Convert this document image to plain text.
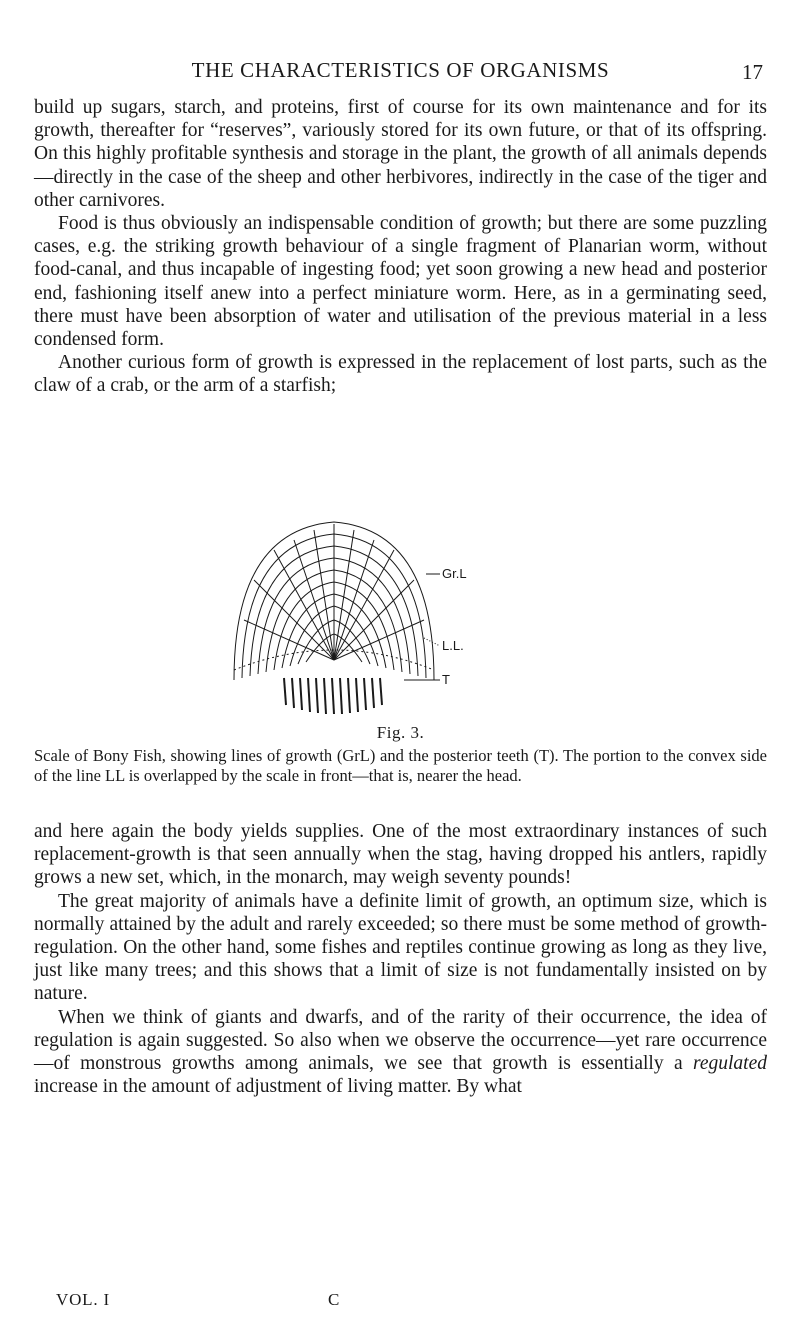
THE CHARACTERISTICS OF ORGANISMS	17

build up sugars, starch, and proteins, first of course for its own maintenance and for its growth, thereafter for “reserves”, variously stored for its own future, or that of its offspring. On this highly profitable synthesis and storage in the plant, the growth of all animals depends—directly in the case of the sheep and other herbivores, indirectly in the case of the tiger and other carnivores.

Food is thus obviously an indispensable condition of growth; but there are some puzzling cases, e.g. the striking growth behaviour of a single fragment of Planarian worm, without food-canal, and thus incapable of ingesting food; yet soon growing a new head and posterior end, fashioning itself anew into a perfect miniature worm. Here, as in a germinating seed, there must have been absorption of water and utilisation of the previous material in a less condensed form.

Another curious form of growth is expressed in the replacement of lost parts, such as the claw of a crab, or the arm of a starfish;

Gr.L
L.L.
T
Fig. 3.
Scale of Bony Fish, showing lines of growth (GrL) and the posterior teeth (T). The portion to the convex side of the line LL is overlapped by the scale in front—that is, nearer the head.

and here again the body yields supplies. One of the most extraordinary instances of such replacement-growth is that seen annually when the stag, having dropped his antlers, rapidly grows a new set, which, in the monarch, may weigh seventy pounds!

The great majority of animals have a definite limit of growth, an optimum size, which is normally attained by the adult and rarely exceeded; so there must be some method of growth-regulation. On the other hand, some fishes and reptiles continue growing as long as they live, just like many trees; and this shows that a limit of size is not fundamentally insisted on by nature.

When we think of giants and dwarfs, and of the rarity of their occurrence, the idea of regulation is again suggested. So also when we observe the occurrence—yet rare occurrence—of monstrous growths among animals, we see that growth is essentially a regulated increase in the amount of adjustment of living matter. By what

VOL. I	C
